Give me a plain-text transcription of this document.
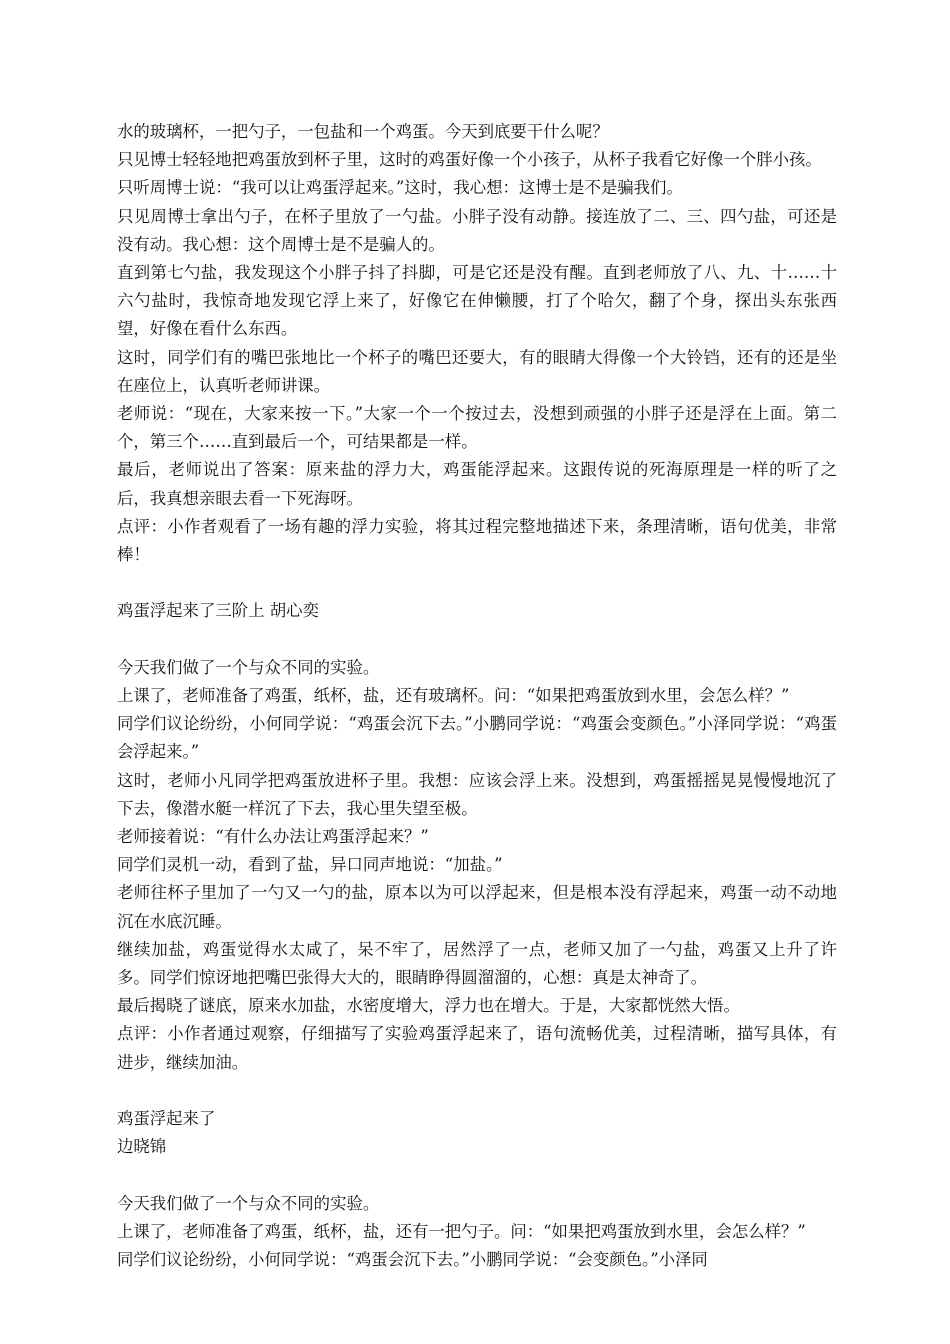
水的玻璃杯，一把勺子，一包盐和一个鸡蛋。今天到底要干什么呢？

只见博士轻轻地把鸡蛋放到杯子里，这时的鸡蛋好像一个小孩子，从杯子我看它好像一个胖小孩。

只听周博士说：“我可以让鸡蛋浮起来。”这时，我心想：这博士是不是骗我们。

只见周博士拿出勺子，在杯子里放了一勺盐。小胖子没有动静。接连放了二、三、四勺盐，可还是没有动。我心想：这个周博士是不是骗人的。

直到第七勺盐，我发现这个小胖子抖了抖脚，可是它还是没有醒。直到老师放了八、九、十……十六勺盐时，我惊奇地发现它浮上来了，好像它在伸懒腰，打了个哈欠，翻了个身，探出头东张西望，好像在看什么东西。

这时，同学们有的嘴巴张地比一个杯子的嘴巴还要大，有的眼睛大得像一个大铃铛，还有的还是坐在座位上，认真听老师讲课。

老师说：“现在，大家来按一下。”大家一个一个按过去，没想到顽强的小胖子还是浮在上面。第二个，第三个……直到最后一个，可结果都是一样。

最后，老师说出了答案：原来盐的浮力大，鸡蛋能浮起来。这跟传说的死海原理是一样的听了之后，我真想亲眼去看一下死海呀。

点评：小作者观看了一场有趣的浮力实验，将其过程完整地描述下来，条理清晰，语句优美，非常棒！

鸡蛋浮起来了三阶上 胡心奕

今天我们做了一个与众不同的实验。

上课了，老师准备了鸡蛋，纸杯，盐，还有玻璃杯。问：“如果把鸡蛋放到水里，会怎么样？”

同学们议论纷纷，小何同学说：“鸡蛋会沉下去。”小鹏同学说：“鸡蛋会变颜色。”小泽同学说：“鸡蛋会浮起来。”

这时，老师小凡同学把鸡蛋放进杯子里。我想：应该会浮上来。没想到，鸡蛋摇摇晃晃慢慢地沉了下去，像潜水艇一样沉了下去，我心里失望至极。

老师接着说：“有什么办法让鸡蛋浮起来？”

同学们灵机一动，看到了盐，异口同声地说：“加盐。”

老师往杯子里加了一勺又一勺的盐，原本以为可以浮起来，但是根本没有浮起来，鸡蛋一动不动地沉在水底沉睡。

继续加盐，鸡蛋觉得水太咸了，呆不牢了，居然浮了一点，老师又加了一勺盐，鸡蛋又上升了许多。同学们惊讶地把嘴巴张得大大的，眼睛睁得圆溜溜的，心想：真是太神奇了。

最后揭晓了谜底，原来水加盐，水密度增大，浮力也在增大。于是，大家都恍然大悟。

点评：小作者通过观察，仔细描写了实验鸡蛋浮起来了，语句流畅优美，过程清晰，描写具体，有进步，继续加油。

鸡蛋浮起来了

边晓锦

今天我们做了一个与众不同的实验。

上课了，老师准备了鸡蛋，纸杯，盐，还有一把勺子。问：“如果把鸡蛋放到水里，会怎么样？”

同学们议论纷纷，小何同学说：“鸡蛋会沉下去。”小鹏同学说：“会变颜色。”小泽同
